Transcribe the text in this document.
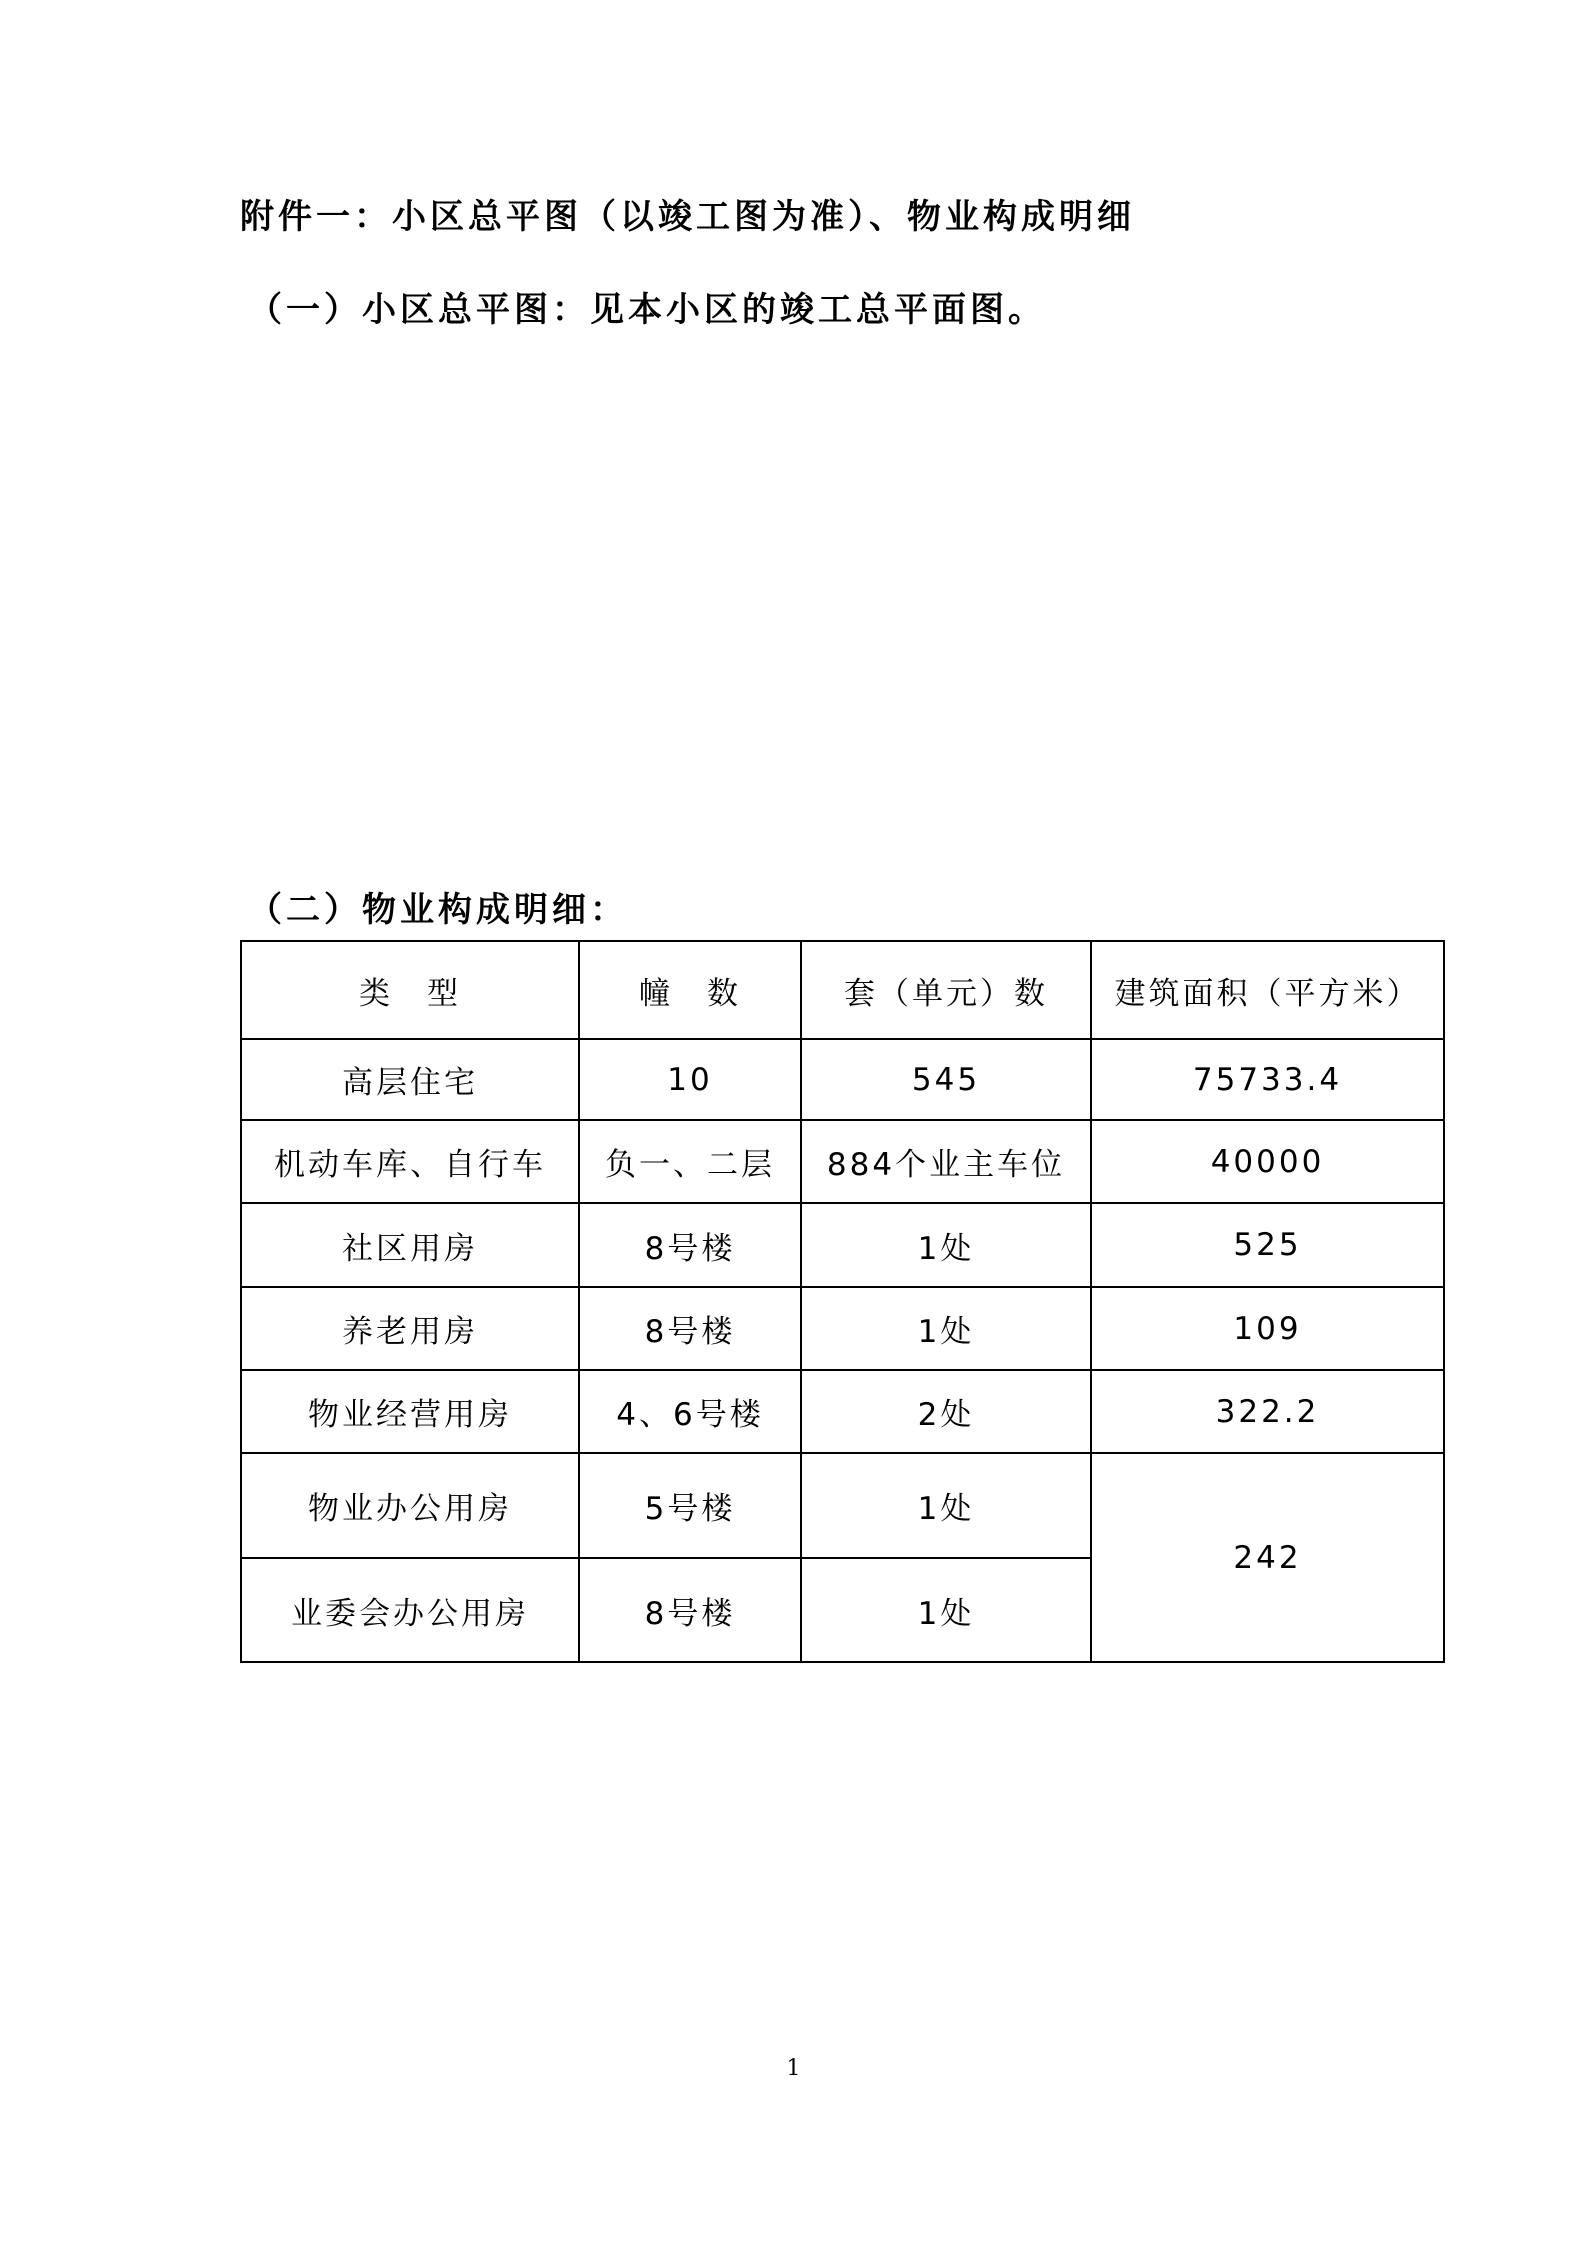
附件一：小区总平图（以竣工图为准）、物业构成明细
（一）小区总平图：见本小区的竣工总平面图。
（二）物业构成明细：
类　型	幢　数	套（单元）数	建筑面积（平方米）
高层住宅	10	545	75733.4
机动车库、自行车	负一、二层	884个业主车位	40000
社区用房	8号楼	1处	525
养老用房	8号楼	1处	109
物业经营用房	4、6号楼	2处	322.2
物业办公用房	5号楼	1处	242
业委会办公用房	8号楼	1处	
1
